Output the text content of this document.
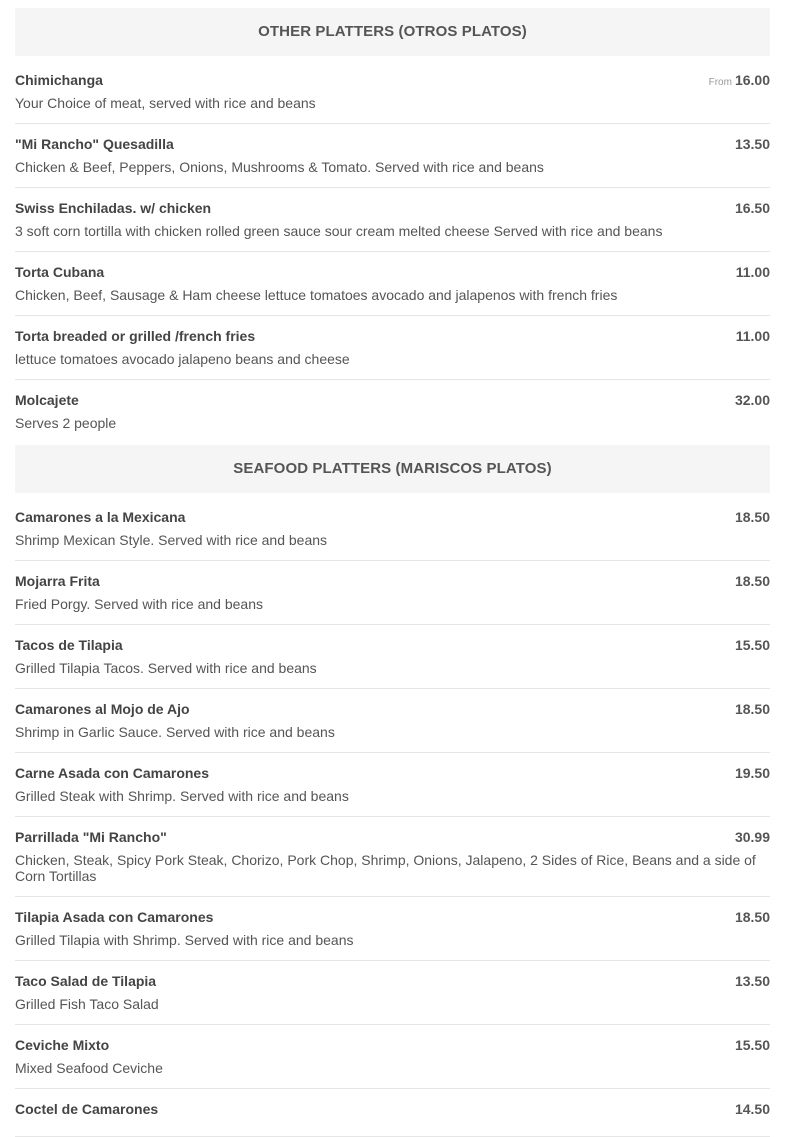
OTHER PLATTERS (OTROS PLATOS)
Chimichanga	From 16.00
Your Choice of meat, served with rice and beans
"Mi Rancho" Quesadilla	13.50
Chicken & Beef, Peppers, Onions, Mushrooms & Tomato. Served with rice and beans
Swiss Enchiladas. w/ chicken	16.50
3 soft corn tortilla with chicken rolled green sauce sour cream melted cheese Served with rice and beans
Torta Cubana	11.00
Chicken, Beef, Sausage & Ham cheese lettuce tomatoes avocado and jalapenos with french fries
Torta breaded or grilled /french fries	11.00
lettuce tomatoes avocado jalapeno beans and cheese
Molcajete	32.00
Serves 2 people
SEAFOOD PLATTERS (MARISCOS PLATOS)
Camarones a la Mexicana	18.50
Shrimp Mexican Style. Served with rice and beans
Mojarra Frita	18.50
Fried Porgy. Served with rice and beans
Tacos de Tilapia	15.50
Grilled Tilapia Tacos. Served with rice and beans
Camarones al Mojo de Ajo	18.50
Shrimp in Garlic Sauce. Served with rice and beans
Carne Asada con Camarones	19.50
Grilled Steak with Shrimp. Served with rice and beans
Parrillada "Mi Rancho"	30.99
Chicken, Steak, Spicy Pork Steak, Chorizo, Pork Chop, Shrimp, Onions, Jalapeno, 2 Sides of Rice, Beans and a side of Corn Tortillas
Tilapia Asada con Camarones	18.50
Grilled Tilapia with Shrimp. Served with rice and beans
Taco Salad de Tilapia	13.50
Grilled Fish Taco Salad
Ceviche Mixto	15.50
Mixed Seafood Ceviche
Coctel de Camarones	14.50
